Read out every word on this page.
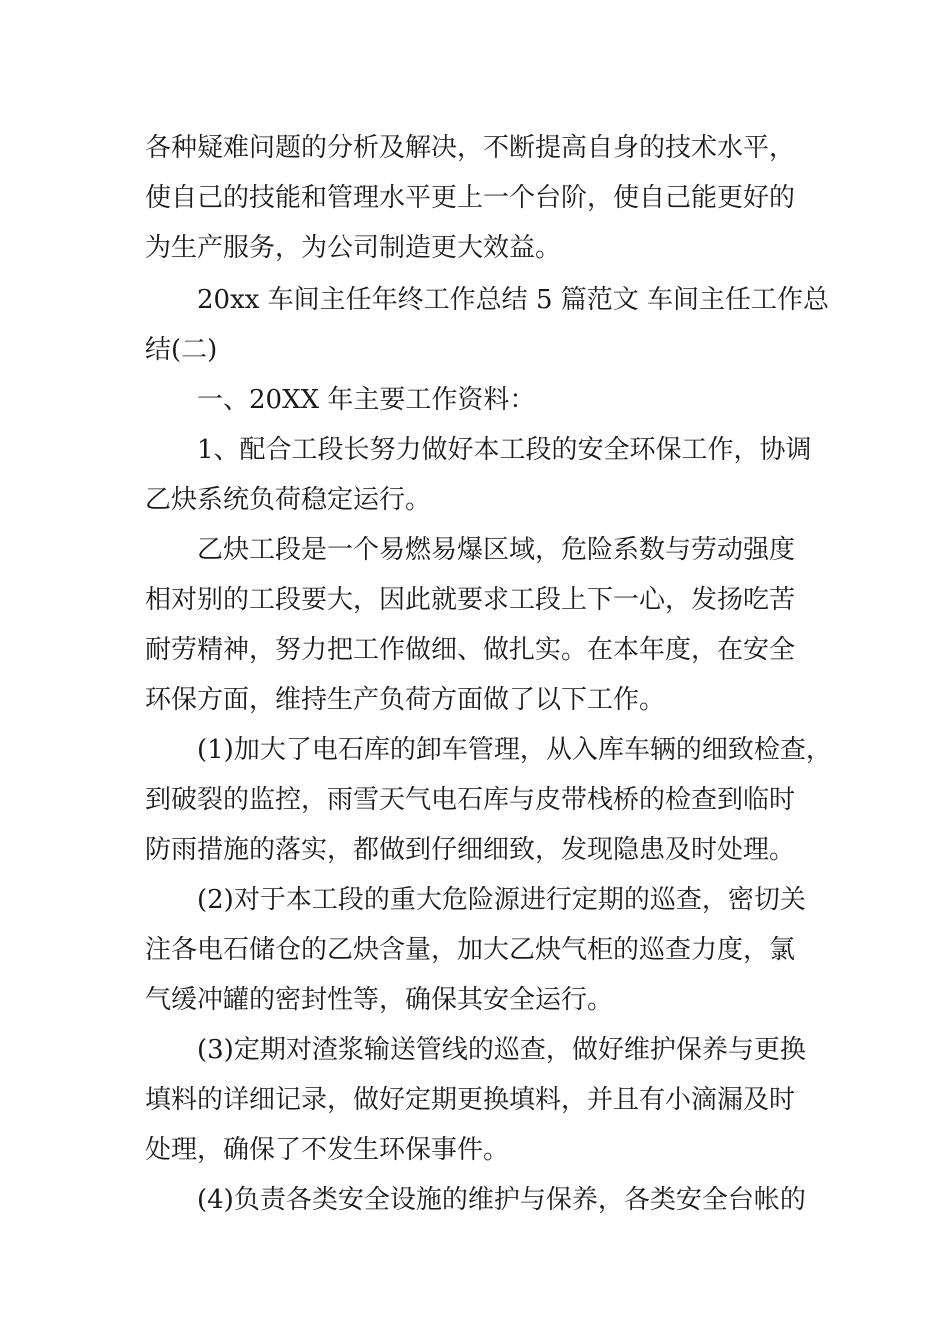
各种疑难问题的分析及解决，不断提高自身的技术水平，

使自己的技能和管理水平更上一个台阶，使自己能更好的

为生产服务，为公司制造更大效益。

20xx 车间主任年终工作总结 5 篇范文 车间主任工作总

结(二)

一、20XX 年主要工作资料：

1、配合工段长努力做好本工段的安全环保工作，协调

乙炔系统负荷稳定运行。

乙炔工段是一个易燃易爆区域，危险系数与劳动强度

相对别的工段要大，因此就要求工段上下一心，发扬吃苦

耐劳精神，努力把工作做细、做扎实。在本年度，在安全

环保方面，维持生产负荷方面做了以下工作。

(1)加大了电石库的卸车管理，从入库车辆的细致检查，

到破裂的监控，雨雪天气电石库与皮带栈桥的检查到临时

防雨措施的落实，都做到仔细细致，发现隐患及时处理。

(2)对于本工段的重大危险源进行定期的巡查，密切关

注各电石储仓的乙炔含量，加大乙炔气柜的巡查力度，氯

气缓冲罐的密封性等，确保其安全运行。

(3)定期对渣浆输送管线的巡查，做好维护保养与更换

填料的详细记录，做好定期更换填料，并且有小滴漏及时

处理，确保了不发生环保事件。

(4)负责各类安全设施的维护与保养，各类安全台帐的
